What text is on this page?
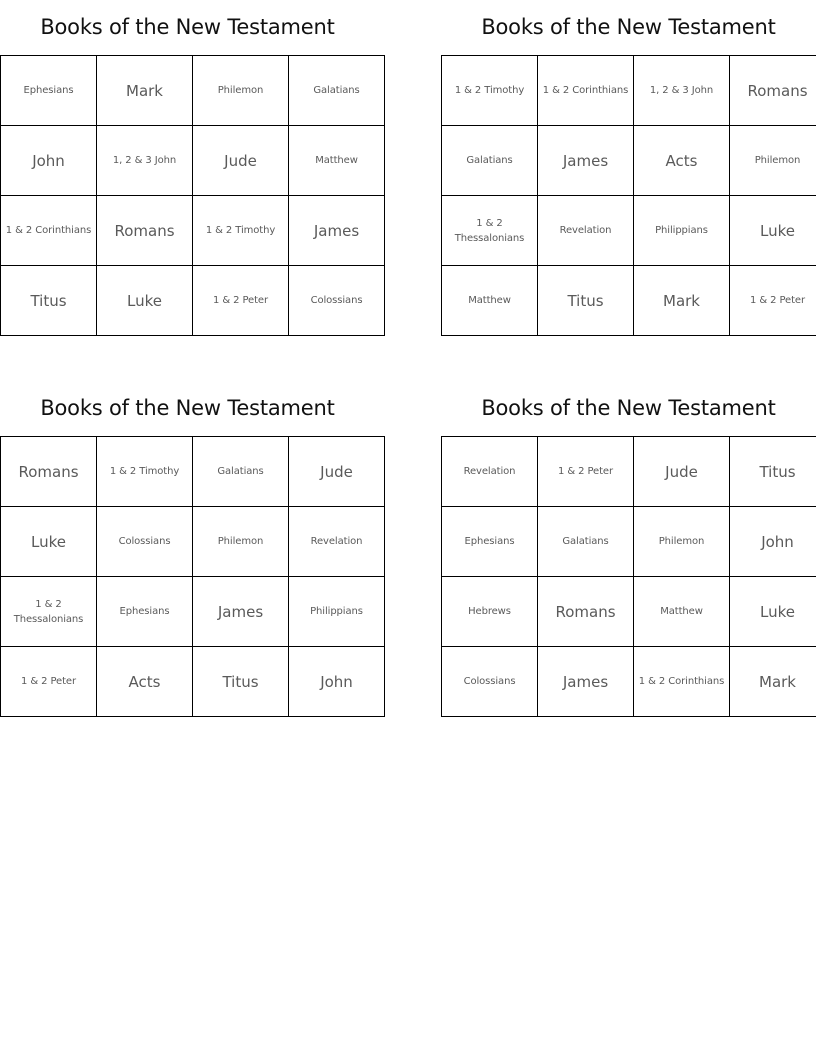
Books of the New Testament
Ephesians	Mark	Philemon	Galatians
John	1, 2 & 3 John	Jude	Matthew
1 & 2 Corinthians	Romans	1 & 2 Timothy	James
Titus	Luke	1 & 2 Peter	Colossians
Books of the New Testament
1 & 2 Timothy	1 & 2 Corinthians	1, 2 & 3 John	Romans
Galatians	James	Acts	Philemon
1 & 2 Thessalonians	Revelation	Philippians	Luke
Matthew	Titus	Mark	1 & 2 Peter
Books of the New Testament
Romans	1 & 2 Timothy	Galatians	Jude
Luke	Colossians	Philemon	Revelation
1 & 2 Thessalonians	Ephesians	James	Philippians
1 & 2 Peter	Acts	Titus	John
Books of the New Testament
Revelation	1 & 2 Peter	Jude	Titus
Ephesians	Galatians	Philemon	John
Hebrews	Romans	Matthew	Luke
Colossians	James	1 & 2 Corinthians	Mark
